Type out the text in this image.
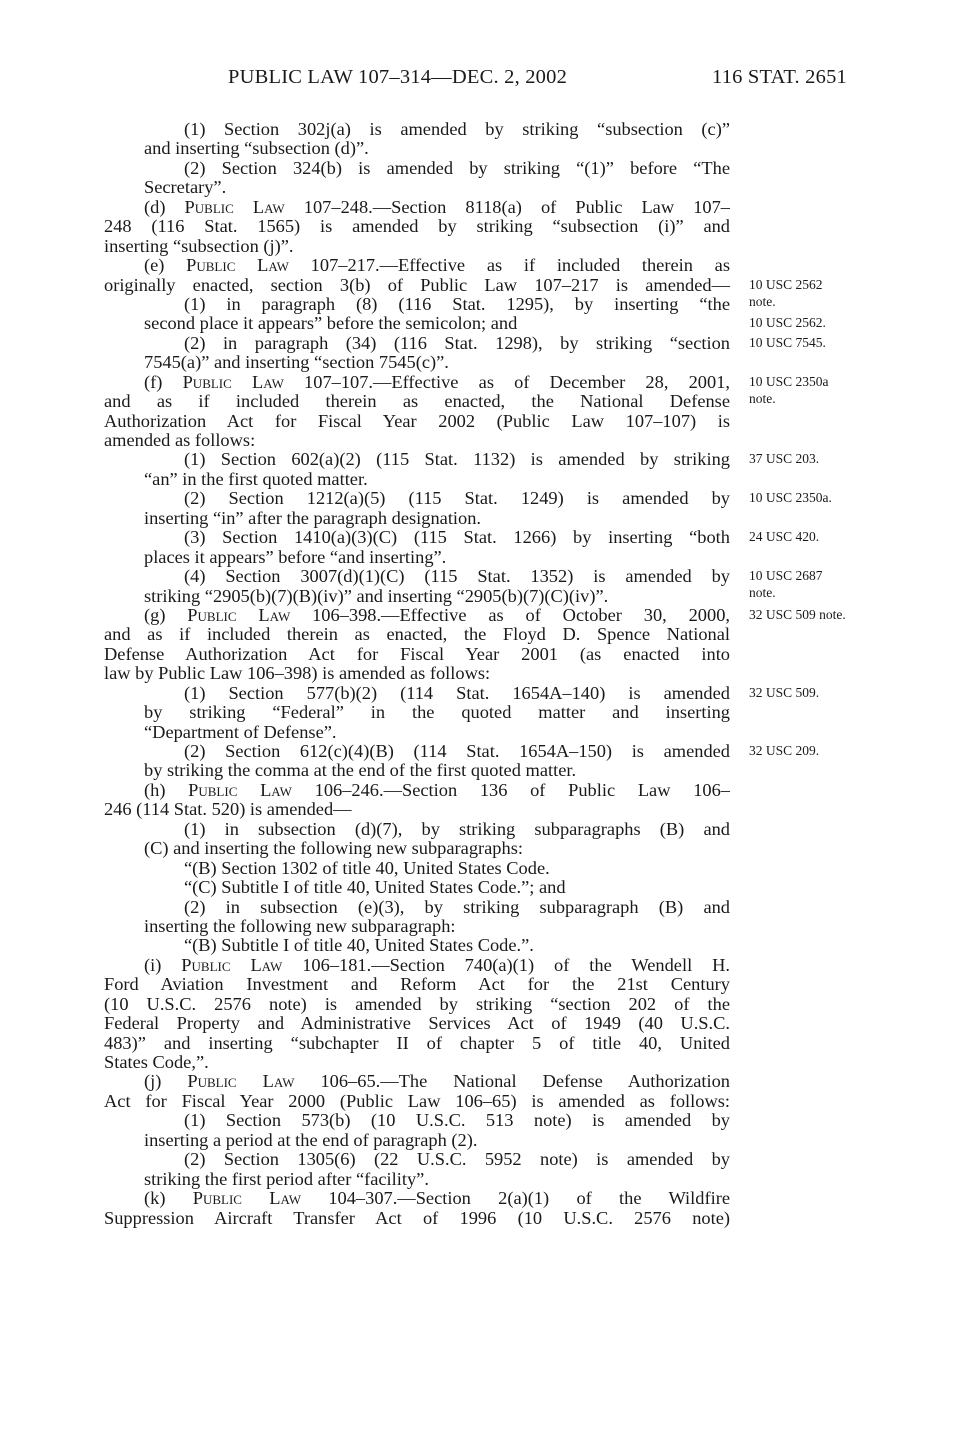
PUBLIC LAW 107–314—DEC. 2, 2002	116 STAT. 2651
(1) Section 302j(a) is amended by striking “subsection (c)”
and inserting “subsection (d)”.
(2) Section 324(b) is amended by striking “(1)” before “The
Secretary”.
(d) Public Law 107–248.—Section 8118(a) of Public Law 107–
248 (116 Stat. 1565) is amended by striking “subsection (i)” and
inserting “subsection (j)”.
(e) Public Law 107–217.—Effective as if included therein as
originally enacted, section 3(b) of Public Law 107–217 is amended— 10 USC 2562
note.
(1) in paragraph (8) (116 Stat. 1295), by inserting “the
second place it appears” before the semicolon; and	10 USC 2562.
(2) in paragraph (34) (116 Stat. 1298), by striking “section 10 USC 7545.
7545(a)” and inserting “section 7545(c)”.
(f) Public Law 107–107.—Effective as of December 28, 2001, 10 USC 2350a
note.
and as if included therein as enacted, the National Defense
Authorization Act for Fiscal Year 2002 (Public Law 107–107) is
amended as follows:
(1) Section 602(a)(2) (115 Stat. 1132) is amended by striking 37 USC 203.
“an” in the first quoted matter.
(2) Section 1212(a)(5) (115 Stat. 1249) is amended by 10 USC 2350a.
inserting “in” after the paragraph designation.
(3) Section 1410(a)(3)(C) (115 Stat. 1266) by inserting “both 24 USC 420.
places it appears” before “and inserting”.
(4) Section 3007(d)(1)(C) (115 Stat. 1352) is amended by 10 USC 2687
note.
striking “2905(b)(7)(B)(iv)” and inserting “2905(b)(7)(C)(iv)”.
(g) Public Law 106–398.—Effective as of October 30, 2000, 32 USC 509 note.
and as if included therein as enacted, the Floyd D. Spence National
Defense Authorization Act for Fiscal Year 2001 (as enacted into
law by Public Law 106–398) is amended as follows:
(1) Section 577(b)(2) (114 Stat. 1654A–140) is amended 32 USC 509.
by striking “Federal” in the quoted matter and inserting
“Department of Defense”.
(2) Section 612(c)(4)(B) (114 Stat. 1654A–150) is amended 32 USC 209.
by striking the comma at the end of the first quoted matter.
(h) Public Law 106–246.—Section 136 of Public Law 106–
246 (114 Stat. 520) is amended—
(1) in subsection (d)(7), by striking subparagraphs (B) and
(C) and inserting the following new subparagraphs:
“(B) Section 1302 of title 40, United States Code.
“(C) Subtitle I of title 40, United States Code.”; and
(2) in subsection (e)(3), by striking subparagraph (B) and
inserting the following new subparagraph:
“(B) Subtitle I of title 40, United States Code.”.
(i) Public Law 106–181.—Section 740(a)(1) of the Wendell H.
Ford Aviation Investment and Reform Act for the 21st Century
(10 U.S.C. 2576 note) is amended by striking “section 202 of the
Federal Property and Administrative Services Act of 1949 (40 U.S.C.
483)” and inserting “subchapter II of chapter 5 of title 40, United
States Code,”.
(j) Public Law 106–65.—The National Defense Authorization
Act for Fiscal Year 2000 (Public Law 106–65) is amended as follows:
(1) Section 573(b) (10 U.S.C. 513 note) is amended by
inserting a period at the end of paragraph (2).
(2) Section 1305(6) (22 U.S.C. 5952 note) is amended by
striking the first period after “facility”.
(k) Public Law 104–307.—Section 2(a)(1) of the Wildfire
Suppression Aircraft Transfer Act of 1996 (10 U.S.C. 2576 note)
